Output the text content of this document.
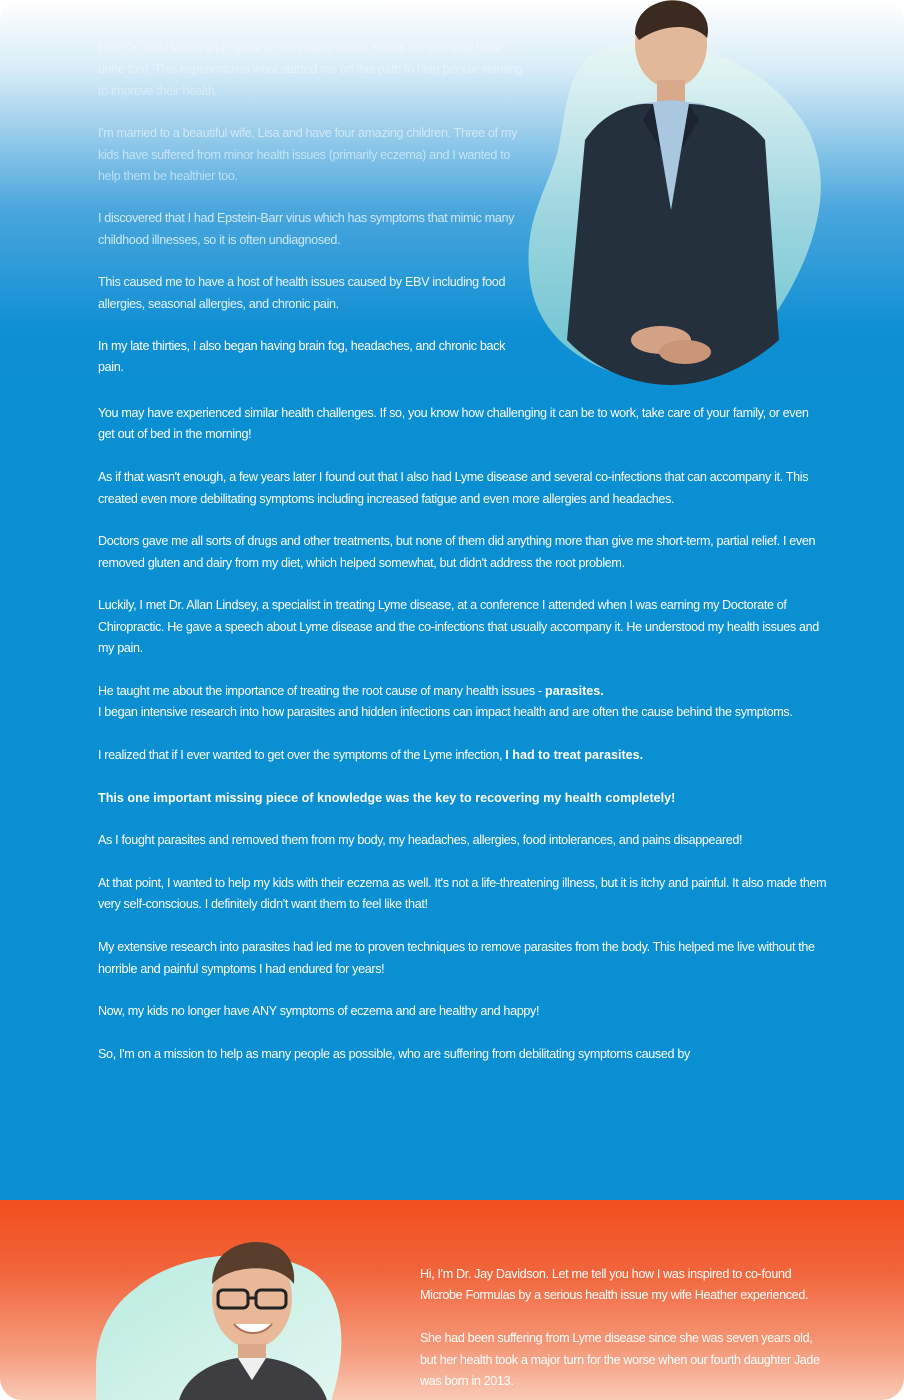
I am Dr. Todd Watts and I grew up with many health issues (as you may have done too). This experience is what started me on this path to help people wanting to improve their health.

I'm married to a beautiful wife, Lisa and have four amazing children. Three of my kids have suffered from minor health issues (primarily eczema) and I wanted to help them be healthier too.

I discovered that I had Epstein-Barr virus which has symptoms that mimic many childhood illnesses, so it is often undiagnosed.

This caused me to have a host of health issues caused by EBV including food allergies, seasonal allergies, and chronic pain.

In my late thirties, I also began having brain fog, headaches, and chronic back pain.

You may have experienced similar health challenges. If so, you know how challenging it can be to work, take care of your family, or even get out of bed in the morning!

As if that wasn't enough, a few years later I found out that I also had Lyme disease and several co-infections that can accompany it. This created even more debilitating symptoms including increased fatigue and even more allergies and headaches.

Doctors gave me all sorts of drugs and other treatments, but none of them did anything more than give me short-term, partial relief. I even removed gluten and dairy from my diet, which helped somewhat, but didn't address the root problem.

Luckily, I met Dr. Allan Lindsey, a specialist in treating Lyme disease, at a conference I attended when I was earning my Doctorate of Chiropractic. He gave a speech about Lyme disease and the co-infections that usually accompany it. He understood my health issues and my pain.

He taught me about the importance of treating the root cause of many health issues - parasites.
I began intensive research into how parasites and hidden infections can impact health and are often the cause behind the symptoms.

I realized that if I ever wanted to get over the symptoms of the Lyme infection, I had to treat parasites.

This one important missing piece of knowledge was the key to recovering my health completely!

As I fought parasites and removed them from my body, my headaches, allergies, food intolerances, and pains disappeared!

At that point, I wanted to help my kids with their eczema as well. It's not a life-threatening illness, but it is itchy and painful. It also made them very self-conscious. I definitely didn't want them to feel like that!

My extensive research into parasites had led me to proven techniques to remove parasites from the body. This helped me live without the horrible and painful symptoms I had endured for years!

Now, my kids no longer have ANY symptoms of eczema and are healthy and happy!

So, I'm on a mission to help as many people as possible, who are suffering from debilitating symptoms caused by

Hi, I'm Dr. Jay Davidson. Let me tell you how I was inspired to co-found Microbe Formulas by a serious health issue my wife Heather experienced.

She had been suffering from Lyme disease since she was seven years old, but her health took a major turn for the worse when our fourth daughter Jade was born in 2013.
